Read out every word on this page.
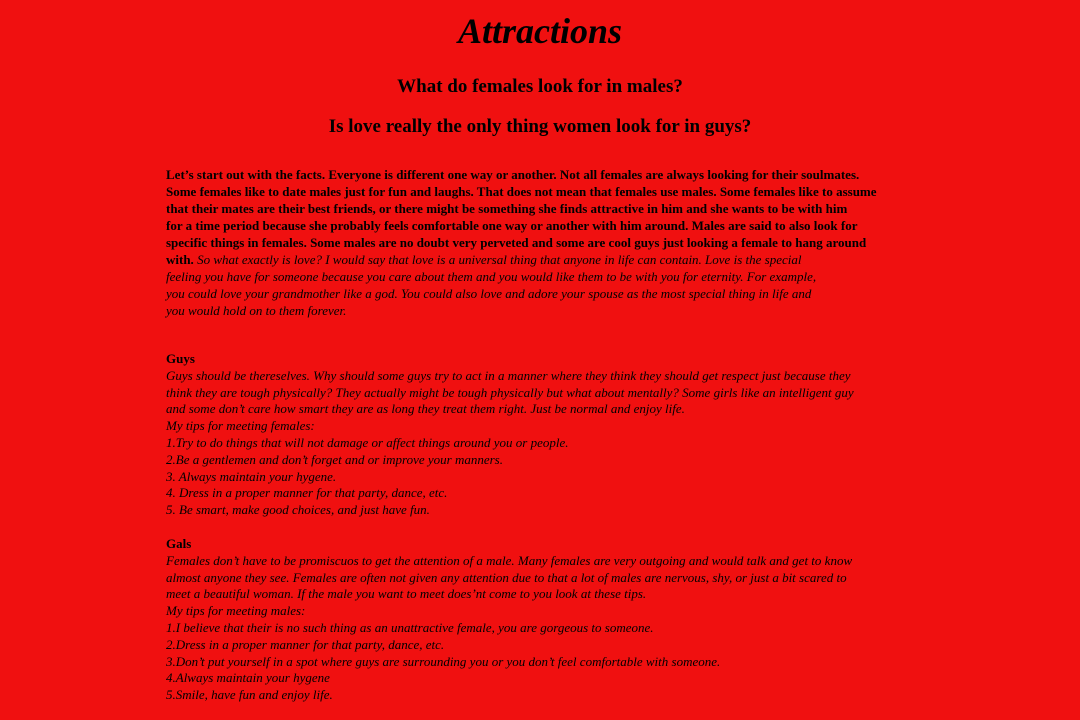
Attractions
What do females look for in males?
Is love really the only thing women look for in guys?

Let’s start out with the facts. Everyone is different one way or another. Not all females are always looking for their soulmates.
Some females like to date males just for fun and laughs. That does not mean that females use males. Some females like to assume
that their mates are their best friends, or there might be something she finds attractive in him and she wants to be with him
for a time period because she probably feels comfortable one way or another with him around. Males are said to also look for
specific things in females. Some males are no doubt very perveted and some are cool guys just looking a female to hang around
with. So what exactly is love? I would say that love is a universal thing that anyone in life can contain. Love is the special
feeling you have for someone because you care about them and you would like them to be with you for eternity. For example,
you could love your grandmother like a god. You could also love and adore your spouse as the most special thing in life and
you would hold on to them forever.

Guys
Guys should be thereselves. Why should some guys try to act in a manner where they think they should get respect just because they
think they are tough physically? They actually might be tough physically but what about mentally? Some girls like an intelligent guy
and some don’t care how smart they are as long they treat them right. Just be normal and enjoy life.
My tips for meeting females:
1.Try to do things that will not damage or affect things around you or people.
2.Be a gentlemen and don’t forget and or improve your manners.
3. Always maintain your hygene.
4. Dress in a proper manner for that party, dance, etc.
5. Be smart, make good choices, and just have fun.
Gals
Females don’t have to be promiscuos to get the attention of a male. Many females are very outgoing and would talk and get to know
almost anyone they see. Females are often not given any attention due to that a lot of males are nervous, shy, or just a bit scared to
meet a beautiful woman. If the male you want to meet does’nt come to you look at these tips.
My tips for meeting males:
1.I believe that their is no such thing as an unattractive female, you are gorgeous to someone.
2.Dress in a proper manner for that party, dance, etc.
3.Don’t put yourself in a spot where guys are surrounding you or you don’t feel comfortable with someone.
4.Always maintain your hygene
5.Smile, have fun and enjoy life.
